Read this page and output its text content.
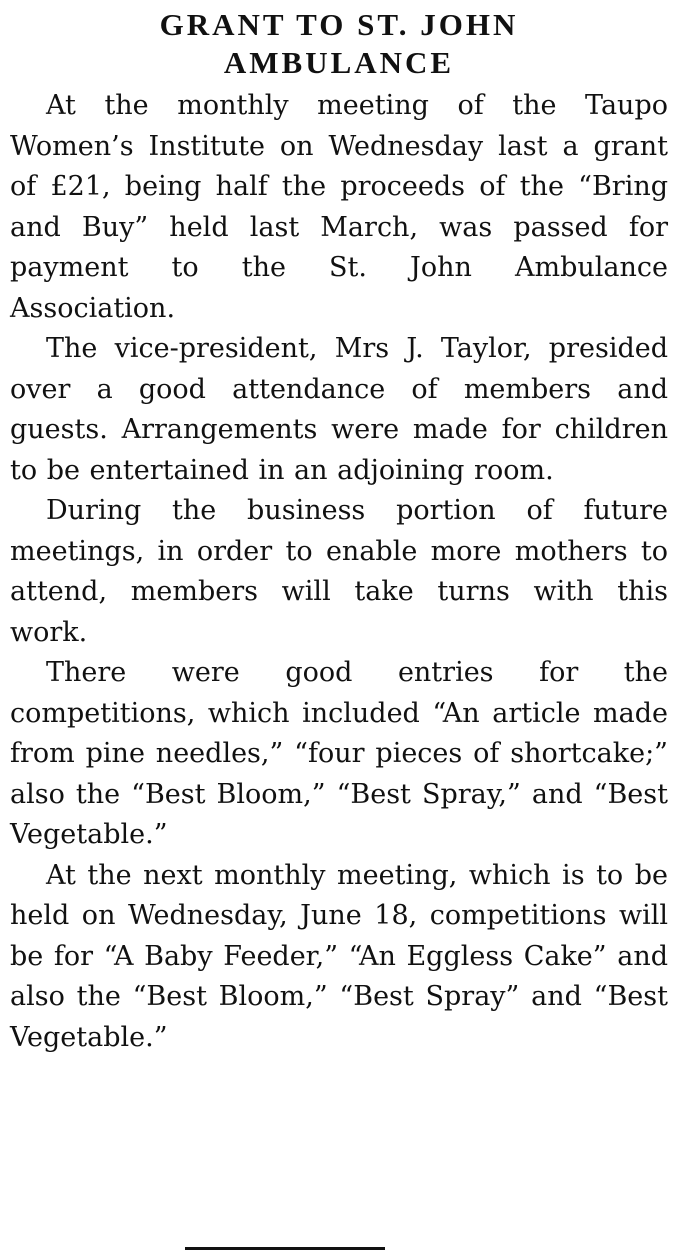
GRANT TO ST. JOHN
AMBULANCE

At the monthly meeting of the Taupo Women’s Institute on Wednesday last a grant of £21, being half the proceeds of the “Bring and Buy” held last March, was passed for payment to the St. John Ambulance Association.

The vice-president, Mrs J. Taylor, presided over a good attendance of members and guests. Arrangements were made for children to be entertained in an adjoining room.

During the business portion of future meetings, in order to enable more mothers to attend, members will take turns with this work.

There were good entries for the competitions, which included “An article made from pine needles,” “four pieces of shortcake;” also the “Best Bloom,” “Best Spray,” and “Best Vegetable.”

At the next monthly meeting, which is to be held on Wednesday, June 18, competitions will be for “A Baby Feeder,” “An Eggless Cake” and also the “Best Bloom,” “Best Spray” and “Best Vegetable.”
